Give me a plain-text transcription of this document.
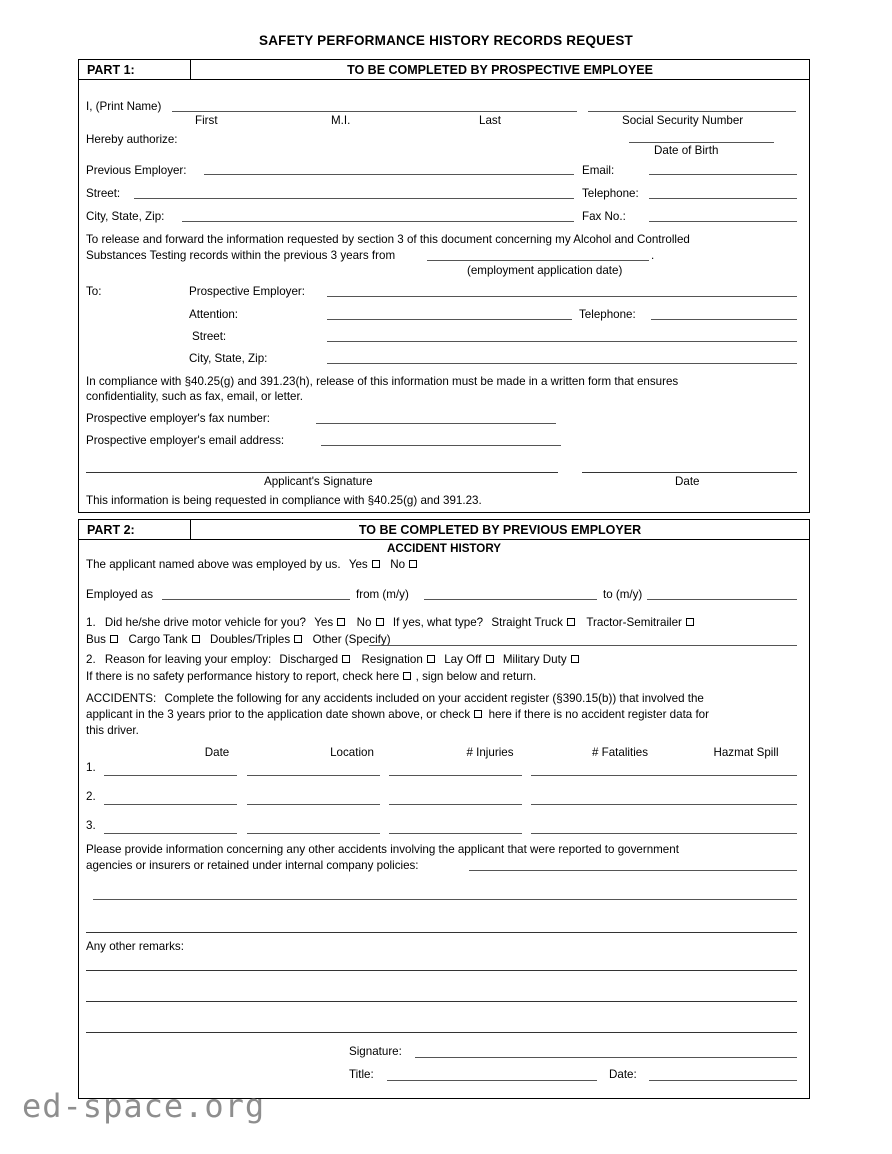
SAFETY PERFORMANCE HISTORY RECORDS REQUEST
PART 1:	TO BE COMPLETED BY PROSPECTIVE EMPLOYEE
I, (Print Name)
First	M.I.	Last	Social Security Number
Hereby authorize:
Date of Birth
Previous Employer:	Email:
Street:	Telephone:
City, State, Zip:	Fax No.:
To release and forward the information requested by section 3 of this document concerning my Alcohol and Controlled
Substances Testing records within the previous 3 years from	.
(employment application date)
To:	Prospective Employer:
Attention:	Telephone:
Street:
City, State, Zip:
In compliance with §40.25(g) and 391.23(h), release of this information must be made in a written form that ensures
confidentiality, such as fax, email, or letter.
Prospective employer's fax number:
Prospective employer's email address:
Applicant's Signature	Date
This information is being requested in compliance with §40.25(g) and 391.23.
PART 2:	TO BE COMPLETED BY PREVIOUS EMPLOYER
ACCIDENT HISTORY
The applicant named above was employed by us. Yes No
Employed as	from (m/y)	to (m/y)
1. Did he/she drive motor vehicle for you? Yes No If yes, what type? Straight Truck Tractor-Semitrailer
Bus Cargo Tank Doubles/Triples Other (Specify)
2. Reason for leaving your employ: Discharged Resignation Lay Off Military Duty
If there is no safety performance history to report, check here , sign below and return.
ACCIDENTS: Complete the following for any accidents included on your accident register (§390.15(b)) that involved the
applicant in the 3 years prior to the application date shown above, or check here if there is no accident register data for
this driver.
Date	Location	# Injuries	# Fatalities	Hazmat Spill
1.
2.
3.
Please provide information concerning any other accidents involving the applicant that were reported to government
agencies or insurers or retained under internal company policies:
Any other remarks:
Signature:
Title:	Date:
ed-space.org
